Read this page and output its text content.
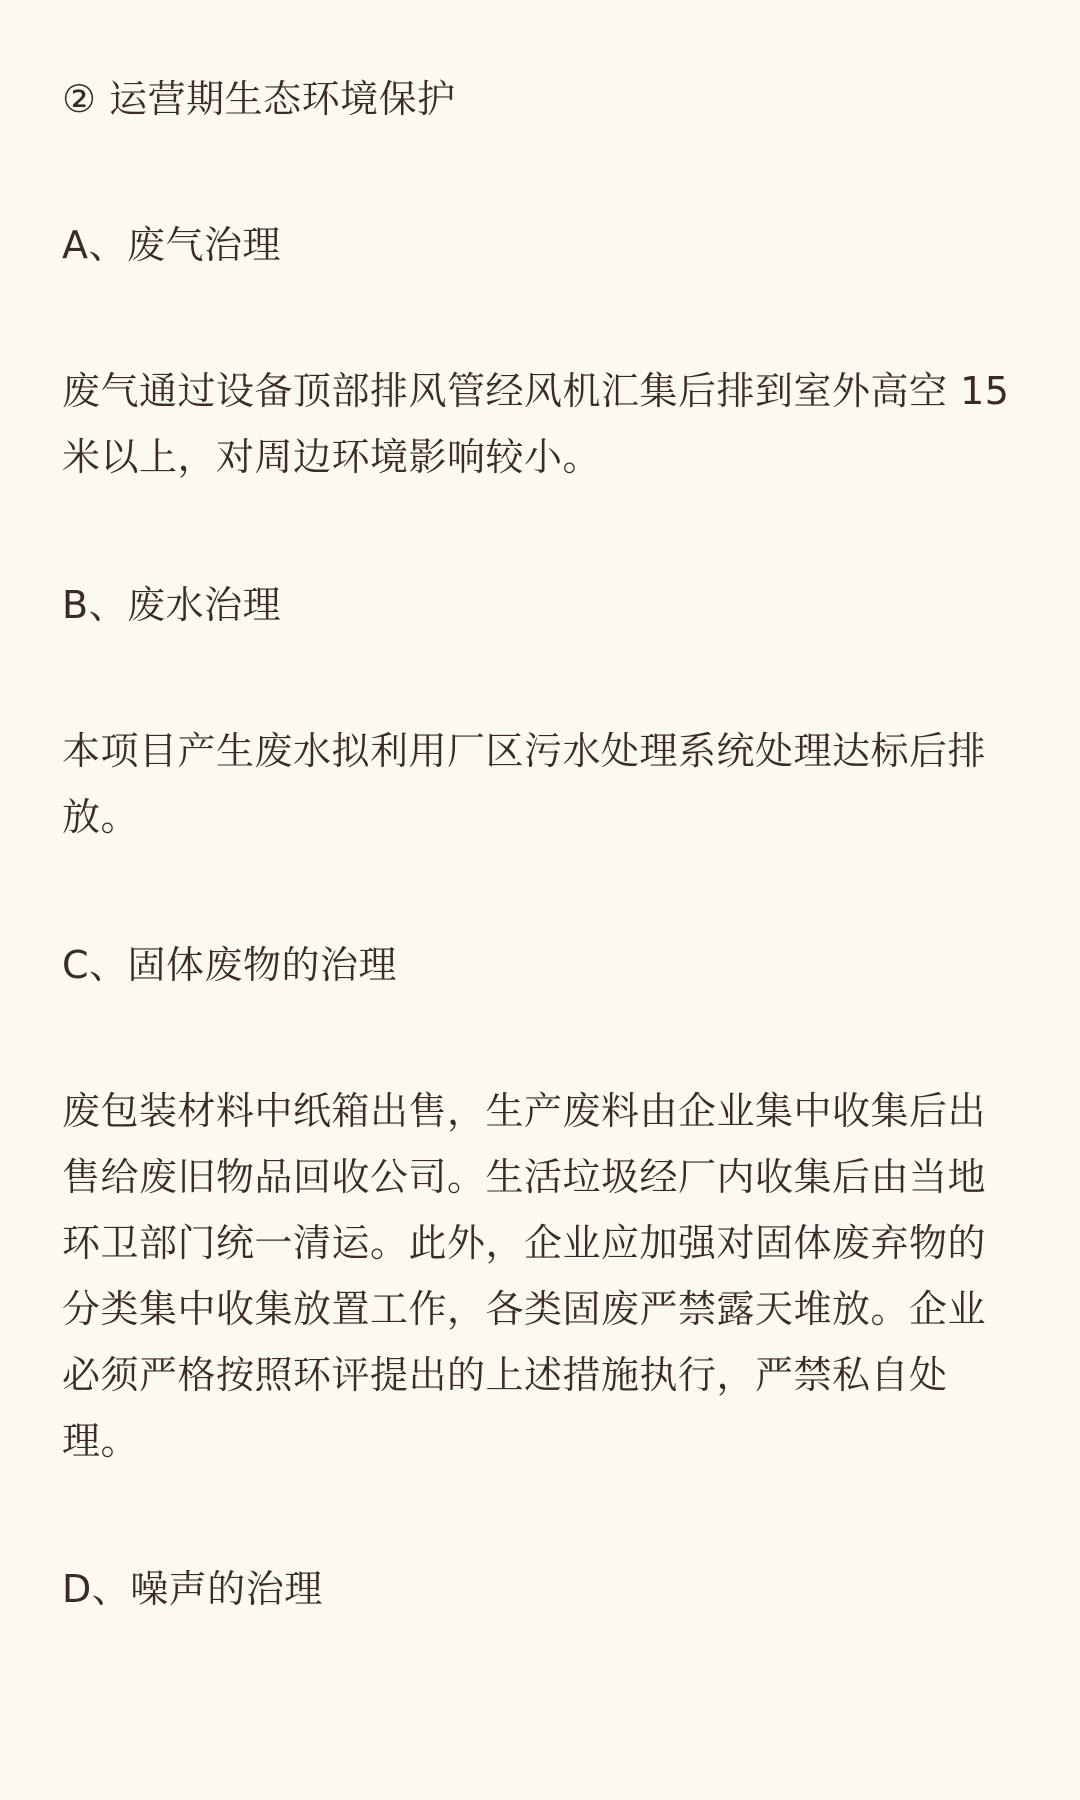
② 运营期生态环境保护

A、废气治理

废气通过设备顶部排风管经风机汇集后排到室外高空 15 米以上，对周边环境影响较小。

B、废水治理

本项目产生废水拟利用厂区污水处理系统处理达标后排放。

C、固体废物的治理

废包装材料中纸箱出售，生产废料由企业集中收集后出售给废旧物品回收公司。生活垃圾经厂内收集后由当地环卫部门统一清运。此外，企业应加强对固体废弃物的分类集中收集放置工作，各类固废严禁露天堆放。企业必须严格按照环评提出的上述措施执行，严禁私自处理。

D、噪声的治理
